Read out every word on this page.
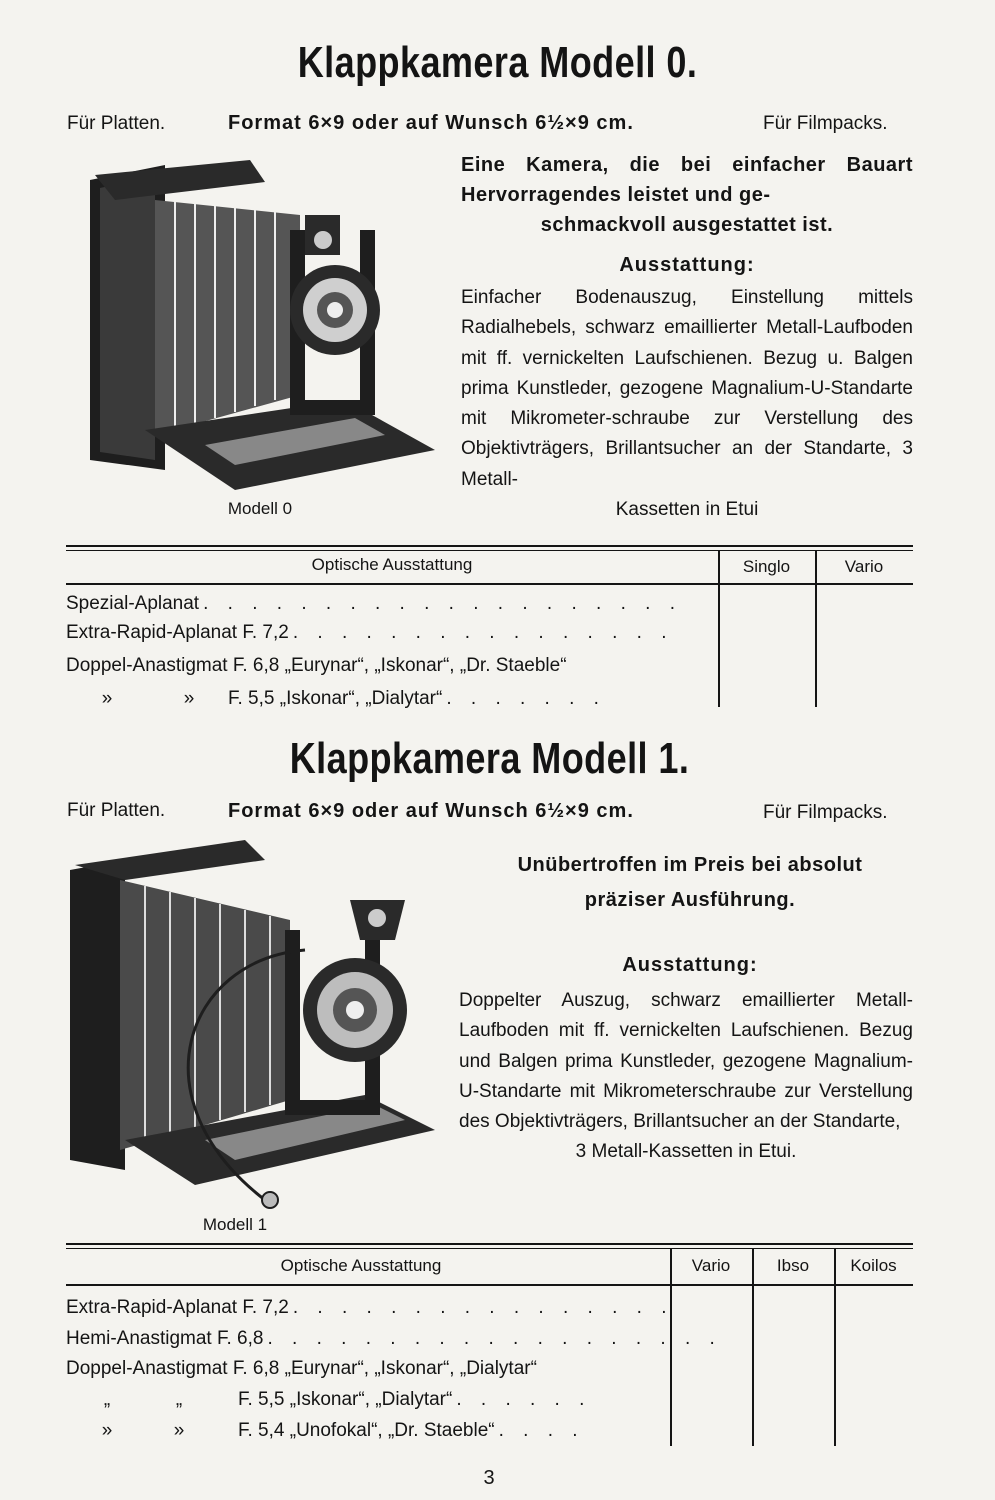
Klappkamera Modell 0.
Für Platten.	Format 6×9 oder auf Wunsch 6½×9 cm.	Für Filmpacks.
Eine Kamera, die bei einfacher Bauart Hervorragendes leistet und ge-
schmackvoll ausgestattet ist.
Ausstattung:
Einfacher Bodenauszug, Einstellung mittels Radialhebels, schwarz emaillierter Metall-Laufboden mit ff. vernickelten Laufschienen. Bezug u. Balgen prima Kunstleder, gezogene Magnalium-U-Standarte mit Mikrometer-schraube zur Verstellung des Objektivträgers, Brillantsucher an der Standarte, 3 Metall-
Kassetten in Etui
Modell 0
Optische Ausstattung	Singlo	Vario
Spezial-Aplanat . . . . . . . . . . . . . . . . . . . .
Extra-Rapid-Aplanat F. 7,2 . . . . . . . . . . . . . . . .
Doppel-Anastigmat F. 6,8 „Eurynar“, „Iskonar“, „Dr. Staeble“
»	»	F. 5,5 „Iskonar“, „Dialytar“ . . . . . . .
Klappkamera Modell 1.
Für Platten.	Format 6×9 oder auf Wunsch 6½×9 cm.	Für Filmpacks.
Unübertroffen im Preis bei absolut
präziser Ausführung.
Ausstattung:
Doppelter Auszug, schwarz emaillierter Metall-Laufboden mit ff. vernickelten Laufschienen. Bezug und Balgen prima Kunstleder, gezogene Magnalium-U-Standarte mit Mikrometerschraube zur Verstellung des Objektivträgers, Brillantsucher an der Standarte,
3 Metall-Kassetten in Etui.
Modell 1
Optische Ausstattung	Vario	Ibso	Koilos
Extra-Rapid-Aplanat F. 7,2 . . . . . . . . . . . . . . . .
Hemi-Anastigmat F. 6,8 . . . . . . . . . . . . . . . . . . .
Doppel-Anastigmat F. 6,8 „Eurynar“, „Iskonar“, „Dialytar“
„	„	F. 5,5 „Iskonar“, „Dialytar“ . . . . . .
»	»	F. 5,4 „Unofokal“, „Dr. Staeble“ . . . .
3
